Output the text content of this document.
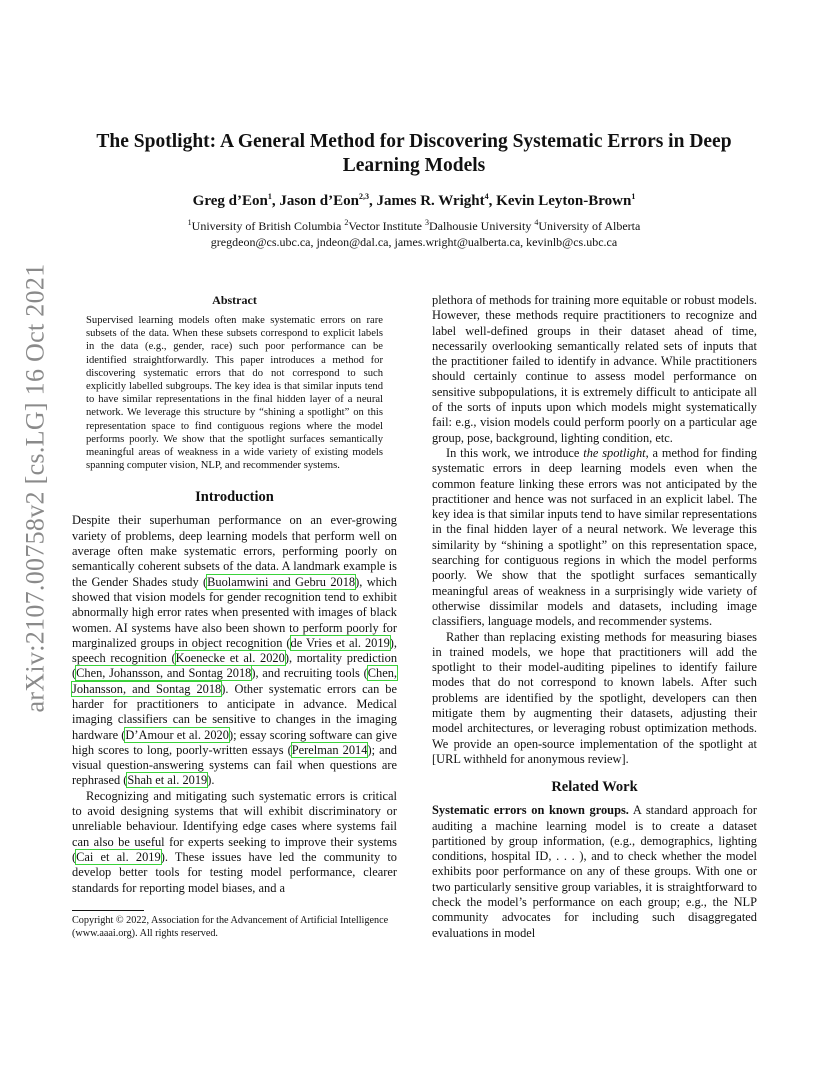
arXiv:2107.00758v2 [cs.LG] 16 Oct 2021
The Spotlight: A General Method for Discovering Systematic Errors in Deep Learning Models
Greg d’Eon$^1$, Jason d’Eon$^{2,3}$, James R. Wright$^4$, Kevin Leyton-Brown$^1$
$^1$University of British Columbia $^2$Vector Institute $^3$Dalhousie University $^4$University of Alberta
gregdeon@cs.ubc.ca, jndeon@dal.ca, james.wright@ualberta.ca, kevinlb@cs.ubc.ca
Abstract

Supervised learning models often make systematic errors on rare subsets of the data. When these subsets correspond to explicit labels in the data (e.g., gender, race) such poor performance can be identified straightforwardly. This paper introduces a method for discovering systematic errors that do not correspond to such explicitly labelled subgroups. The key idea is that similar inputs tend to have similar representations in the final hidden layer of a neural network. We leverage this structure by “shining a spotlight” on this representation space to find contiguous regions where the model performs poorly. We show that the spotlight surfaces semantically meaningful areas of weakness in a wide variety of existing models spanning computer vision, NLP, and recommender systems.

Introduction

Despite their superhuman performance on an ever-growing variety of problems, deep learning models that perform well on average often make systematic errors, performing poorly on semantically coherent subsets of the data. A landmark example is the Gender Shades study (Buolamwini and Gebru 2018), which showed that vision models for gender recognition tend to exhibit abnormally high error rates when presented with images of black women. AI systems have also been shown to perform poorly for marginalized groups in object recognition (de Vries et al. 2019), speech recognition (Koenecke et al. 2020), mortality prediction (Chen, Johansson, and Sontag 2018), and recruiting tools (Chen, Johansson, and Sontag 2018). Other systematic errors can be harder for practitioners to anticipate in advance. Medical imaging classifiers can be sensitive to changes in the imaging hardware (D’Amour et al. 2020); essay scoring software can give high scores to long, poorly-written essays (Perelman 2014); and visual question-answering systems can fail when questions are rephrased (Shah et al. 2019).

Recognizing and mitigating such systematic errors is critical to avoid designing systems that will exhibit discriminatory or unreliable behaviour. Identifying edge cases where systems fail can also be useful for experts seeking to improve their systems (Cai et al. 2019). These issues have led the community to develop better tools for testing model performance, clearer standards for reporting model biases, and a

Copyright © 2022, Association for the Advancement of Artificial Intelligence (www.aaai.org). All rights reserved.

plethora of methods for training more equitable or robust models. However, these methods require practitioners to recognize and label well-defined groups in their dataset ahead of time, necessarily overlooking semantically related sets of inputs that the practitioner failed to identify in advance. While practitioners should certainly continue to assess model performance on sensitive subpopulations, it is extremely difficult to anticipate all of the sorts of inputs upon which models might systematically fail: e.g., vision models could perform poorly on a particular age group, pose, background, lighting condition, etc.

In this work, we introduce the spotlight, a method for finding systematic errors in deep learning models even when the common feature linking these errors was not anticipated by the practitioner and hence was not surfaced in an explicit label. The key idea is that similar inputs tend to have similar representations in the final hidden layer of a neural network. We leverage this similarity by “shining a spotlight” on this representation space, searching for contiguous regions in which the model performs poorly. We show that the spotlight surfaces semantically meaningful areas of weakness in a surprisingly wide variety of otherwise dissimilar models and datasets, including image classifiers, language models, and recommender systems.

Rather than replacing existing methods for measuring biases in trained models, we hope that practitioners will add the spotlight to their model-auditing pipelines to identify failure modes that do not correspond to known labels. After such problems are identified by the spotlight, developers can then mitigate them by augmenting their datasets, adjusting their model architectures, or leveraging robust optimization methods. We provide an open-source implementation of the spotlight at [URL withheld for anonymous review].

Related Work

Systematic errors on known groups. A standard approach for auditing a machine learning model is to create a dataset partitioned by group information, (e.g., demographics, lighting conditions, hospital ID, . . . ), and to check whether the model exhibits poor performance on any of these groups. With one or two particularly sensitive group variables, it is straightforward to check the model’s performance on each group; e.g., the NLP community advocates for including such disaggregated evaluations in model
